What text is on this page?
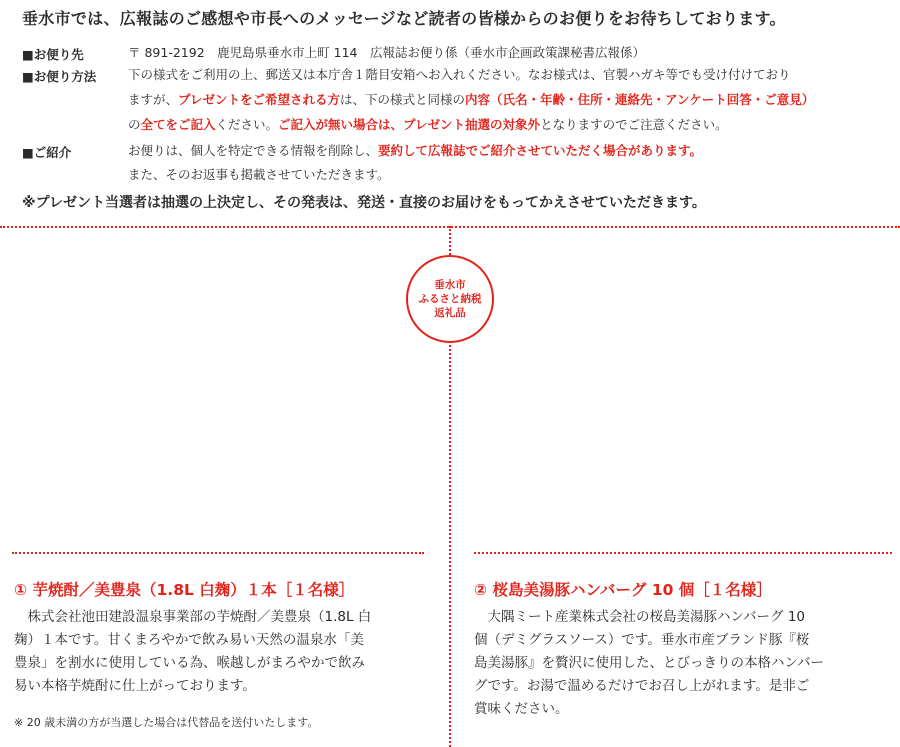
垂水市では、広報誌のご感想や市長へのメッセージなど読者の皆様からのお便りをお待ちしております。
■お便り先	〒 891-2192　鹿児島県垂水市上町 114　広報誌お便り係（垂水市企画政策課秘書広報係）
■お便り方法	下の様式をご利用の上、郵送又は本庁舎１階目安箱へお入れください。なお様式は、官製ハガキ等でも受け付けており
ますが、プレゼントをご希望される方は、下の様式と同様の内容（氏名・年齢・住所・連絡先・アンケート回答・ご意見）
の全てをご記入ください。ご記入が無い場合は、プレゼント抽選の対象外となりますのでご注意ください。
■ご紹介	お便りは、個人を特定できる情報を削除し、要約して広報誌でご紹介させていただく場合があります。
また、そのお返事も掲載させていただきます。
※プレゼント当選者は抽選の上決定し、その発表は、発送・直接のお届けをもってかえさせていただきます。
垂水市
ふるさと納税
返礼品
① 芋焼酎／美豊泉（1.8L 白麹）１本［１名様］
　株式会社池田建設温泉事業部の芋焼酎／美豊泉（1.8L 白
麹）１本です。甘くまろやかで飲み易い天然の温泉水「美
豊泉」を割水に使用している為、喉越しがまろやかで飲み
易い本格芋焼酎に仕上がっております。
※ 20 歳未満の方が当選した場合は代替品を送付いたします。
② 桜島美湯豚ハンバーグ 10 個［１名様］
　大隅ミート産業株式会社の桜島美湯豚ハンバーグ 10
個（デミグラスソース）です。垂水市産ブランド豚『桜
島美湯豚』を贅沢に使用した、とびっきりの本格ハンバー
グです。お湯で温めるだけでお召し上がれます。是非ご
賞味ください。
